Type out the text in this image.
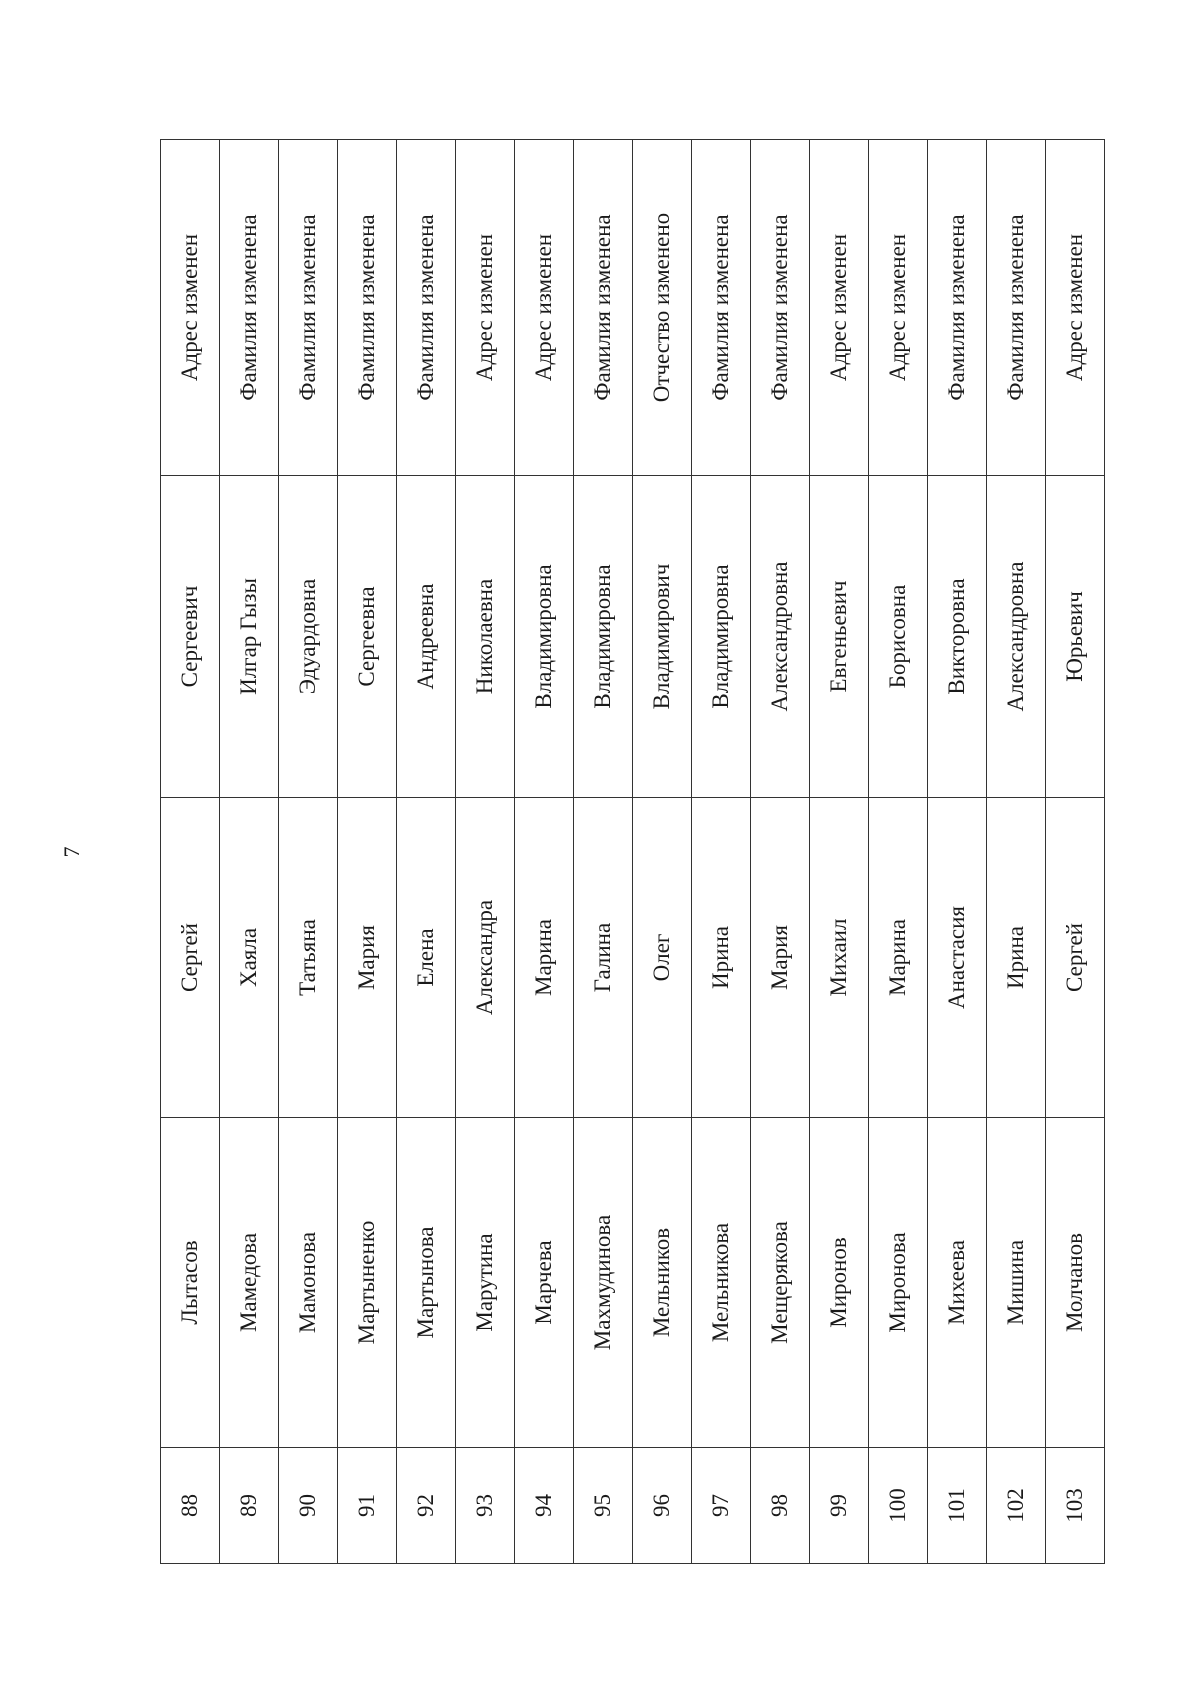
7
88	Лытасов	Сергей	Сергеевич	Адрес изменен
89	Мамедова	Хаяла	Илгар Гызы	Фамилия изменена
90	Мамонова	Татьяна	Эдуардовна	Фамилия изменена
91	Мартыненко	Мария	Сергеевна	Фамилия изменена
92	Мартынова	Елена	Андреевна	Фамилия изменена
93	Марутина	Александра	Николаевна	Адрес изменен
94	Марчева	Марина	Владимировна	Адрес изменен
95	Махмудинова	Галина	Владимировна	Фамилия изменена
96	Мельников	Олег	Владимирович	Отчество изменено
97	Мельникова	Ирина	Владимировна	Фамилия изменена
98	Мещерякова	Мария	Александровна	Фамилия изменена
99	Миронов	Михаил	Евгеньевич	Адрес изменен
100	Миронова	Марина	Борисовна	Адрес изменен
101	Михеева	Анастасия	Викторовна	Фамилия изменена
102	Мишина	Ирина	Александровна	Фамилия изменена
103	Молчанов	Сергей	Юрьевич	Адрес изменен
